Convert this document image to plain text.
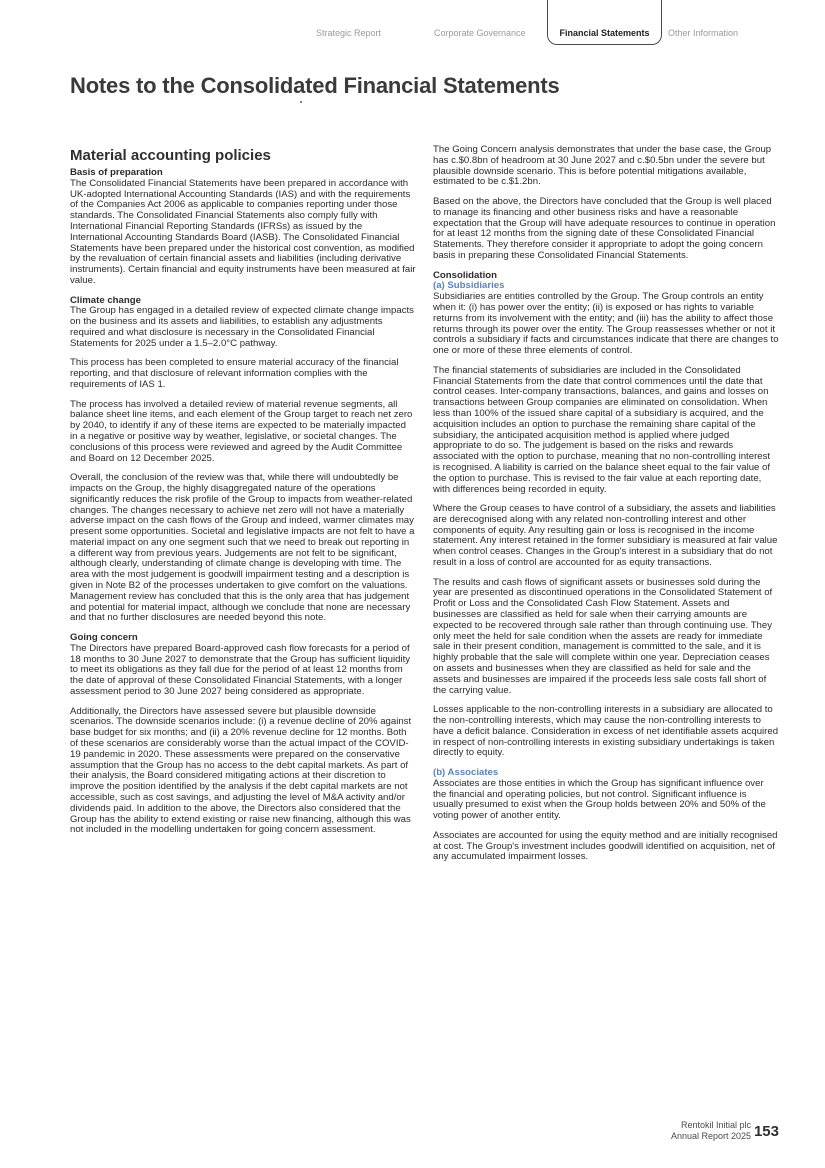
Strategic Report	Corporate Governance	Financial Statements	Other Information
Notes to the Consolidated Financial Statements
Material accounting policies
Basis of preparation
The Consolidated Financial Statements have been prepared in accordance with UK-adopted International Accounting Standards (IAS) and with the requirements of the Companies Act 2006 as applicable to companies reporting under those standards. The Consolidated Financial Statements also comply fully with International Financial Reporting Standards (IFRSs) as issued by the International Accounting Standards Board (IASB). The Consolidated Financial Statements have been prepared under the historical cost convention, as modified by the revaluation of certain financial assets and liabilities (including derivative instruments). Certain financial and equity instruments have been measured at fair value.
Climate change
The Group has engaged in a detailed review of expected climate change impacts on the business and its assets and liabilities, to establish any adjustments required and what disclosure is necessary in the Consolidated Financial Statements for 2025 under a 1.5–2.0°C pathway.
This process has been completed to ensure material accuracy of the financial reporting, and that disclosure of relevant information complies with the requirements of IAS 1.
The process has involved a detailed review of material revenue segments, all balance sheet line items, and each element of the Group target to reach net zero by 2040, to identify if any of these items are expected to be materially impacted in a negative or positive way by weather, legislative, or societal changes. The conclusions of this process were reviewed and agreed by the Audit Committee and Board on 12 December 2025.
Overall, the conclusion of the review was that, while there will undoubtedly be impacts on the Group, the highly disaggregated nature of the operations significantly reduces the risk profile of the Group to impacts from weather-related changes. The changes necessary to achieve net zero will not have a materially adverse impact on the cash flows of the Group and indeed, warmer climates may present some opportunities. Societal and legislative impacts are not felt to have a material impact on any one segment such that we need to break out reporting in a different way from previous years. Judgements are not felt to be significant, although clearly, understanding of climate change is developing with time. The area with the most judgement is goodwill impairment testing and a description is given in Note B2 of the processes undertaken to give comfort on the valuations. Management review has concluded that this is the only area that has judgement and potential for material impact, although we conclude that none are necessary and that no further disclosures are needed beyond this note.
Going concern
The Directors have prepared Board-approved cash flow forecasts for a period of 18 months to 30 June 2027 to demonstrate that the Group has sufficient liquidity to meet its obligations as they fall due for the period of at least 12 months from the date of approval of these Consolidated Financial Statements, with a longer assessment period to 30 June 2027 being considered as appropriate.
Additionally, the Directors have assessed severe but plausible downside scenarios. The downside scenarios include: (i) a revenue decline of 20% against base budget for six months; and (ii) a 20% revenue decline for 12 months. Both of these scenarios are considerably worse than the actual impact of the COVID-19 pandemic in 2020. These assessments were prepared on the conservative assumption that the Group has no access to the debt capital markets. As part of their analysis, the Board considered mitigating actions at their discretion to improve the position identified by the analysis if the debt capital markets are not accessible, such as cost savings, and adjusting the level of M&A activity and/or dividends paid. In addition to the above, the Directors also considered that the Group has the ability to extend existing or raise new financing, although this was not included in the modelling undertaken for going concern assessment.
The Going Concern analysis demonstrates that under the base case, the Group has c.$0.8bn of headroom at 30 June 2027 and c.$0.5bn under the severe but plausible downside scenario. This is before potential mitigations available, estimated to be c.$1.2bn.
Based on the above, the Directors have concluded that the Group is well placed to manage its financing and other business risks and have a reasonable expectation that the Group will have adequate resources to continue in operation for at least 12 months from the signing date of these Consolidated Financial Statements. They therefore consider it appropriate to adopt the going concern basis in preparing these Consolidated Financial Statements.
Consolidation
(a) Subsidiaries
Subsidiaries are entities controlled by the Group. The Group controls an entity when it: (i) has power over the entity; (ii) is exposed or has rights to variable returns from its involvement with the entity; and (iii) has the ability to affect those returns through its power over the entity. The Group reassesses whether or not it controls a subsidiary if facts and circumstances indicate that there are changes to one or more of these three elements of control.
The financial statements of subsidiaries are included in the Consolidated Financial Statements from the date that control commences until the date that control ceases. Inter-company transactions, balances, and gains and losses on transactions between Group companies are eliminated on consolidation. When less than 100% of the issued share capital of a subsidiary is acquired, and the acquisition includes an option to purchase the remaining share capital of the subsidiary, the anticipated acquisition method is applied where judged appropriate to do so. The judgement is based on the risks and rewards associated with the option to purchase, meaning that no non-controlling interest is recognised. A liability is carried on the balance sheet equal to the fair value of the option to purchase. This is revised to the fair value at each reporting date, with differences being recorded in equity.
Where the Group ceases to have control of a subsidiary, the assets and liabilities are derecognised along with any related non-controlling interest and other components of equity. Any resulting gain or loss is recognised in the income statement. Any interest retained in the former subsidiary is measured at fair value when control ceases. Changes in the Group's interest in a subsidiary that do not result in a loss of control are accounted for as equity transactions.
The results and cash flows of significant assets or businesses sold during the year are presented as discontinued operations in the Consolidated Statement of Profit or Loss and the Consolidated Cash Flow Statement. Assets and businesses are classified as held for sale when their carrying amounts are expected to be recovered through sale rather than through continuing use. They only meet the held for sale condition when the assets are ready for immediate sale in their present condition, management is committed to the sale, and it is highly probable that the sale will complete within one year. Depreciation ceases on assets and businesses when they are classified as held for sale and the assets and businesses are impaired if the proceeds less sale costs fall short of the carrying value.
Losses applicable to the non-controlling interests in a subsidiary are allocated to the non-controlling interests, which may cause the non-controlling interests to have a deficit balance. Consideration in excess of net identifiable assets acquired in respect of non-controlling interests in existing subsidiary undertakings is taken directly to equity.
(b) Associates
Associates are those entities in which the Group has significant influence over the financial and operating policies, but not control. Significant influence is usually presumed to exist when the Group holds between 20% and 50% of the voting power of another entity.
Associates are accounted for using the equity method and are initially recognised at cost. The Group's investment includes goodwill identified on acquisition, net of any accumulated impairment losses.
Rentokil Initial plc
Annual Report 2025 153
